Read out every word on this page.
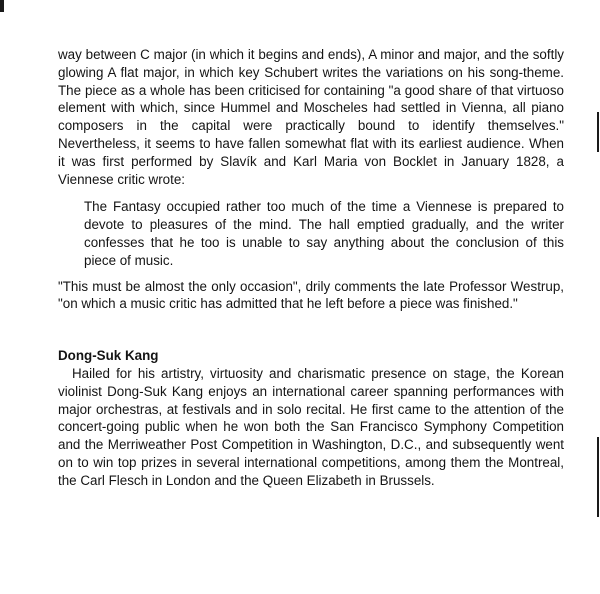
way between C major (in which it begins and ends), A minor and major, and the softly glowing A flat major, in which key Schubert writes the variations on his song-theme. The piece as a whole has been criticised for containing "a good share of that virtuoso element with which, since Hummel and Moscheles had settled in Vienna, all piano composers in the capital were practically bound to identify themselves." Nevertheless, it seems to have fallen somewhat flat with its earliest audience. When it was first performed by Slavík and Karl Maria von Bocklet in January 1828, a Viennese critic wrote:

The Fantasy occupied rather too much of the time a Viennese is prepared to devote to pleasures of the mind. The hall emptied gradually, and the writer confesses that he too is unable to say anything about the conclusion of this piece of music.

"This must be almost the only occasion", drily comments the late Professor Westrup, "on which a music critic has admitted that he left before a piece was finished."

Dong-Suk Kang

Hailed for his artistry, virtuosity and charismatic presence on stage, the Korean violinist Dong-Suk Kang enjoys an international career spanning performances with major orchestras, at festivals and in solo recital. He first came to the attention of the concert-going public when he won both the San Francisco Symphony Competition and the Merriweather Post Competition in Washington, D.C., and subsequently went on to win top prizes in several international competitions, among them the Montreal, the Carl Flesch in London and the Queen Elizabeth in Brussels.
